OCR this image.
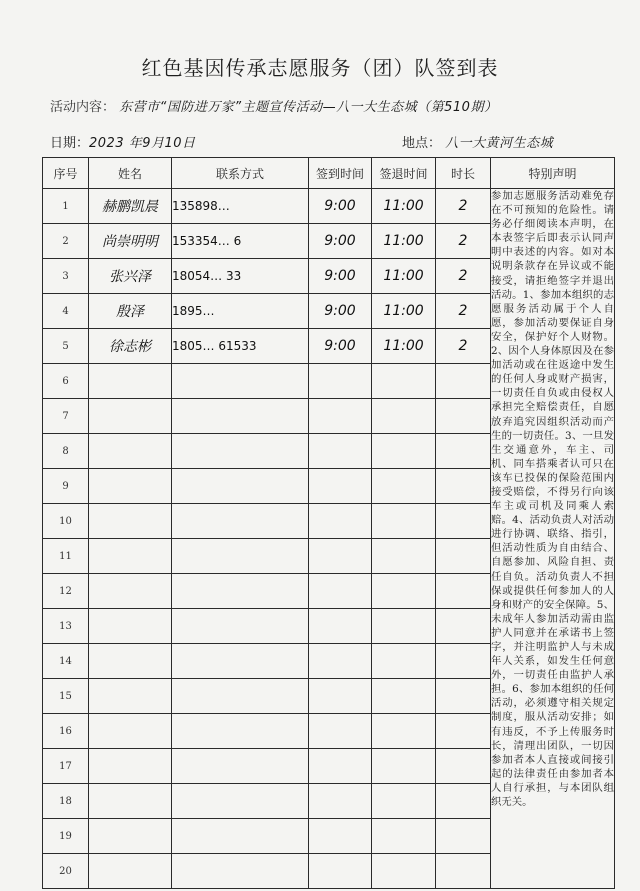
红色基因传承志愿服务（团）队签到表
活动内容： 东营市“国防进万家”主题宣传活动—八一大生态城（第510期）
日期：2023 年9月10日	地点： 八一大黄河生态城
序号	姓名	联系方式	签到时间	签退时间	时长	特别声明
1	赫鹏凯晨	135898…	9:00	11:00	2	参加志愿服务活动难免存在不可预知的危险性。请务必仔细阅读本声明，在本表签字后即表示认同声明中表述的内容。如对本说明条款存在异议或不能接受，请拒绝签字并退出活动。1、参加本组织的志愿服务活动属于个人自愿，参加活动要保证自身安全，保护好个人财物。2、因个人身体原因及在参加活动或在往返途中发生的任何人身或财产损害，一切责任自负或由侵权人承担完全赔偿责任，自愿放弃追究因组织活动而产生的一切责任。3、一旦发生交通意外，车主、司机、同车搭乘者认可只在该车已投保的保险范围内接受赔偿，不得另行向该车主或司机及同乘人索赔。4、活动负责人对活动进行协调、联络、指引，但活动性质为自由结合、自愿参加、风险自担、责任自负。活动负责人不担保或提供任何参加人的人身和财产的安全保障。5、未成年人参加活动需由监护人同意并在承诺书上签字，并注明监护人与未成年人关系，如发生任何意外，一切责任由监护人承担。6、参加本组织的任何活动，必须遵守相关规定制度，服从活动安排；如有违反，不予上传服务时长，清理出团队，一切因参加者本人直接或间接引起的法律责任由参加者本人自行承担，与本团队组织无关。
2	尚崇明明	153354… 6	9:00	11:00	2	
3	张兴泽	18054… 33	9:00	11:00	2	
4	殷泽	1895…	9:00	11:00	2	
5	徐志彬	1805… 61533	9:00	11:00	2	
6						
7						
8						
9						
10						
11						
12						
13						
14						
15						
16						
17						
18						
19						
20						
